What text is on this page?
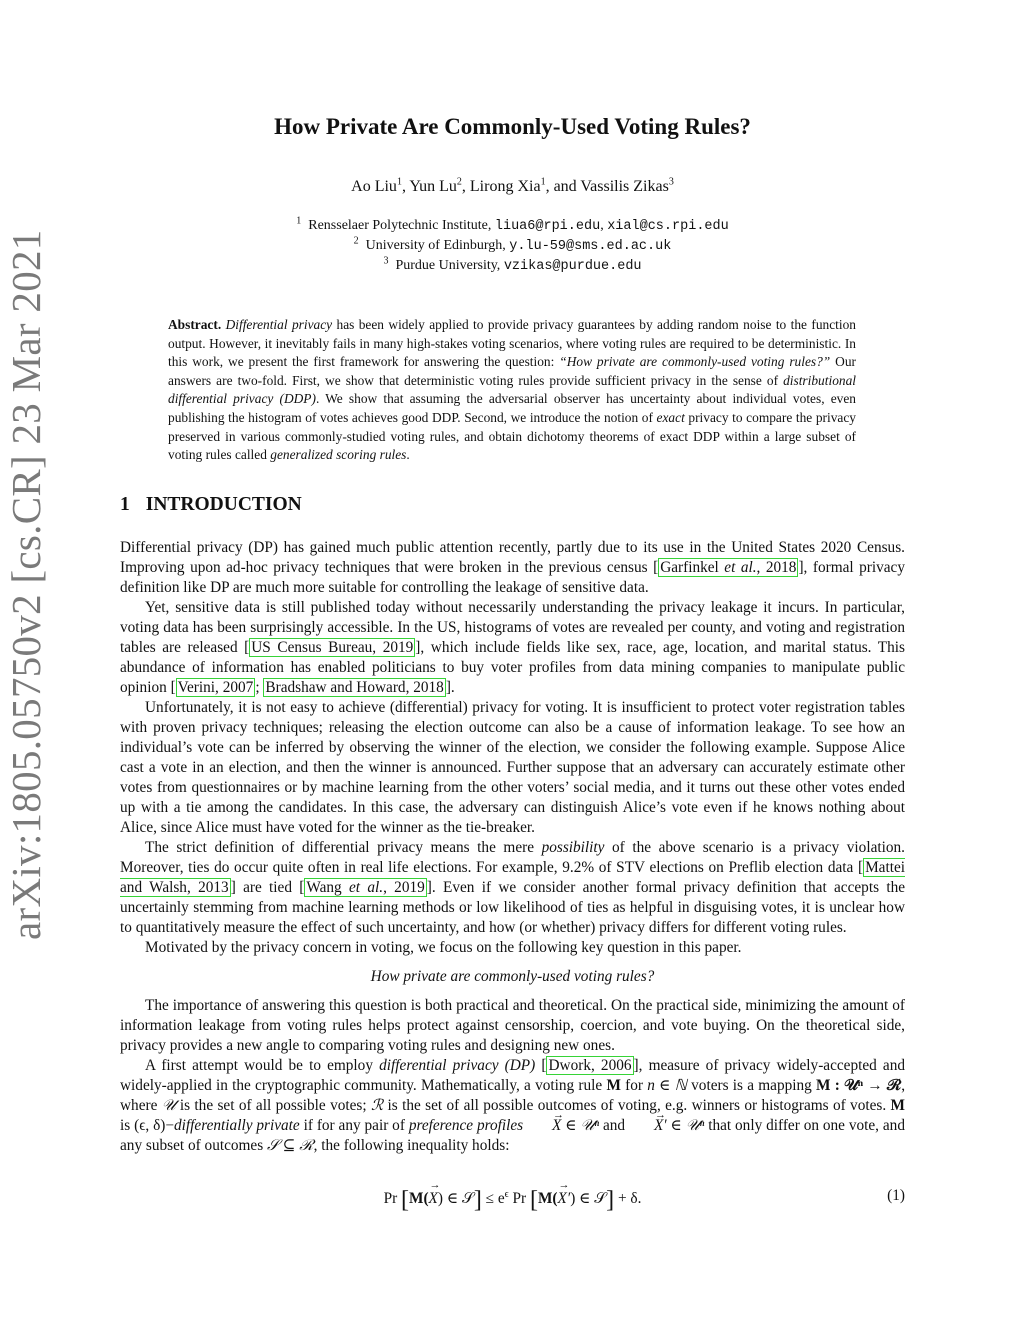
arXiv:1805.05750v2 [cs.CR] 23 Mar 2021
How Private Are Commonly-Used Voting Rules?
Ao Liu$^1$, Yun Lu$^2$, Lirong Xia$^1$, and Vassilis Zikas$^3$
$^1$ Rensselaer Polytechnic Institute, liua6@rpi.edu, xial@cs.rpi.edu
$^2$ University of Edinburgh, y.lu-59@sms.ed.ac.uk
$^3$ Purdue University, vzikas@purdue.edu

Abstract. Differential privacy has been widely applied to provide privacy guarantees by adding random noise to the function output. However, it inevitably fails in many high-stakes voting scenarios, where voting rules are required to be deterministic. In this work, we present the first framework for answering the question: “How private are commonly-used voting rules?” Our answers are two-fold. First, we show that deterministic voting rules provide sufficient privacy in the sense of distributional differential privacy (DDP). We show that assuming the adversarial observer has uncertainty about individual votes, even publishing the histogram of votes achieves good DDP. Second, we introduce the notion of exact privacy to compare the privacy preserved in various commonly-studied voting rules, and obtain dichotomy theorems of exact DDP within a large subset of voting rules called generalized scoring rules.

1 INTRODUCTION

Differential privacy (DP) has gained much public attention recently, partly due to its use in the United States 2020 Census. Improving upon ad-hoc privacy techniques that were broken in the previous census [ Garfinkel et al., 2018 ], formal privacy definition like DP are much more suitable for controlling the leakage of sensitive data.

Yet, sensitive data is still published today without necessarily understanding the privacy leakage it incurs. In particular, voting data has been surprisingly accessible. In the US, histograms of votes are revealed per county, and voting and registration tables are released [ US Census Bureau, 2019 ], which include fields like sex, race, age, location, and marital status. This abundance of information has enabled politicians to buy voter profiles from data mining companies to manipulate public opinion [ Verini, 2007 ; Bradshaw and Howard, 2018 ].

Unfortunately, it is not easy to achieve (differential) privacy for voting. It is insufficient to protect voter registration tables with proven privacy techniques; releasing the election outcome can also be a cause of information leakage. To see how an individual’s vote can be inferred by observing the winner of the election, we consider the following example. Suppose Alice cast a vote in an election, and then the winner is announced. Further suppose that an adversary can accurately estimate other votes from questionnaires or by machine learning from the other voters’ social media, and it turns out these other votes ended up with a tie among the candidates. In this case, the adversary can distinguish Alice’s vote even if he knows nothing about Alice, since Alice must have voted for the winner as the tie-breaker.

The strict definition of differential privacy means the mere possibility of the above scenario is a privacy violation. Moreover, ties do occur quite often in real life elections. For example, 9.2% of STV elections on Preflib election data [ Mattei and Walsh, 2013 ] are tied [ Wang et al., 2019 ]. Even if we consider another formal privacy definition that accepts the uncertainly stemming from machine learning methods or low likelihood of ties as helpful in disguising votes, it is unclear how to quantitatively measure the effect of such uncertainty, and how (or whether) privacy differs for different voting rules.

Motivated by the privacy concern in voting, we focus on the following key question in this paper.

How private are commonly-used voting rules?

The importance of answering this question is both practical and theoretical. On the practical side, minimizing the amount of information leakage from voting rules helps protect against censorship, coercion, and vote buying. On the theoretical side, privacy provides a new angle to comparing voting rules and designing new ones.

A first attempt would be to employ differential privacy (DP) [ Dwork, 2006 ], measure of privacy widely-accepted and widely-applied in the cryptographic community. Mathematically, a voting rule M for n ∈ ℕ voters is a mapping M : 𝒰ⁿ → ℛ, where 𝒰 is the set of all possible votes; ℛ is the set of all possible outcomes of voting, e.g. winners or histograms of votes. M is (ϵ, δ)−differentially private if for any pair of preference profiles → X ∈ 𝒰ⁿ and → X′ ∈ 𝒰ⁿ that only differ on one vote, and any subset of outcomes 𝒮 ⊆ ℛ, the following inequality holds:

Pr [M(→ X) ∈ 𝒮] ≤ $e^\epsilon$ Pr [M(→ X′) ∈ 𝒮] + δ.	(1)
